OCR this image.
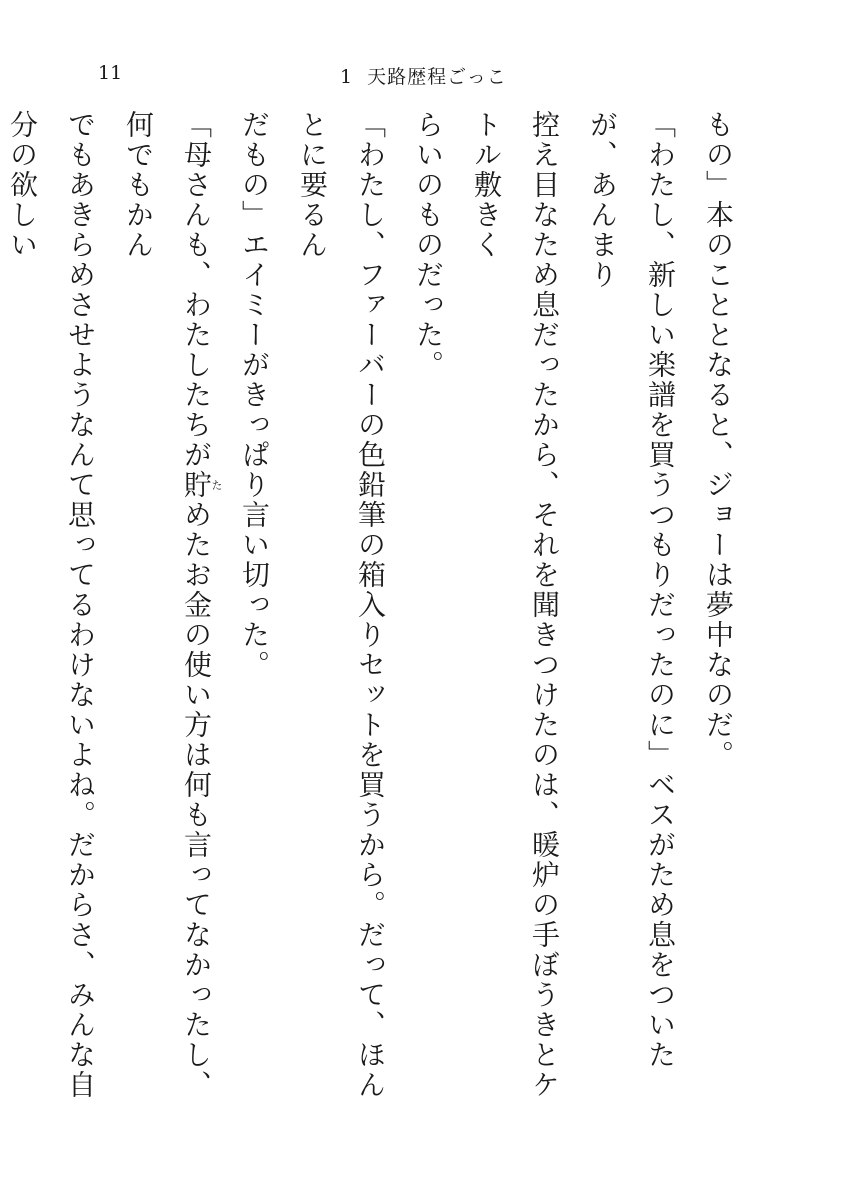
11	1 天路歴程ごっこ

もの」本のこととなると、ジョーは夢中なのだ。

「わたし、新しい楽譜を買うつもりだったのに」ベスがため息をついたが、あんまり

控え目なため息だったから、それを聞きつけたのは、暖炉の手ぼうきとケトル敷きく

らいのものだった。

「わたし、ファーバーの色鉛筆の箱入りセットを買うから。だって、ほんとに要るん

だもの」エイミーがきっぱり言い切った。

「母さんも、わたしたちが貯ためたお金の使い方は何も言ってなかったし、何でもかん

でもあきらめさせようなんて思ってるわけないよね。だからさ、みんな自分の欲しい
